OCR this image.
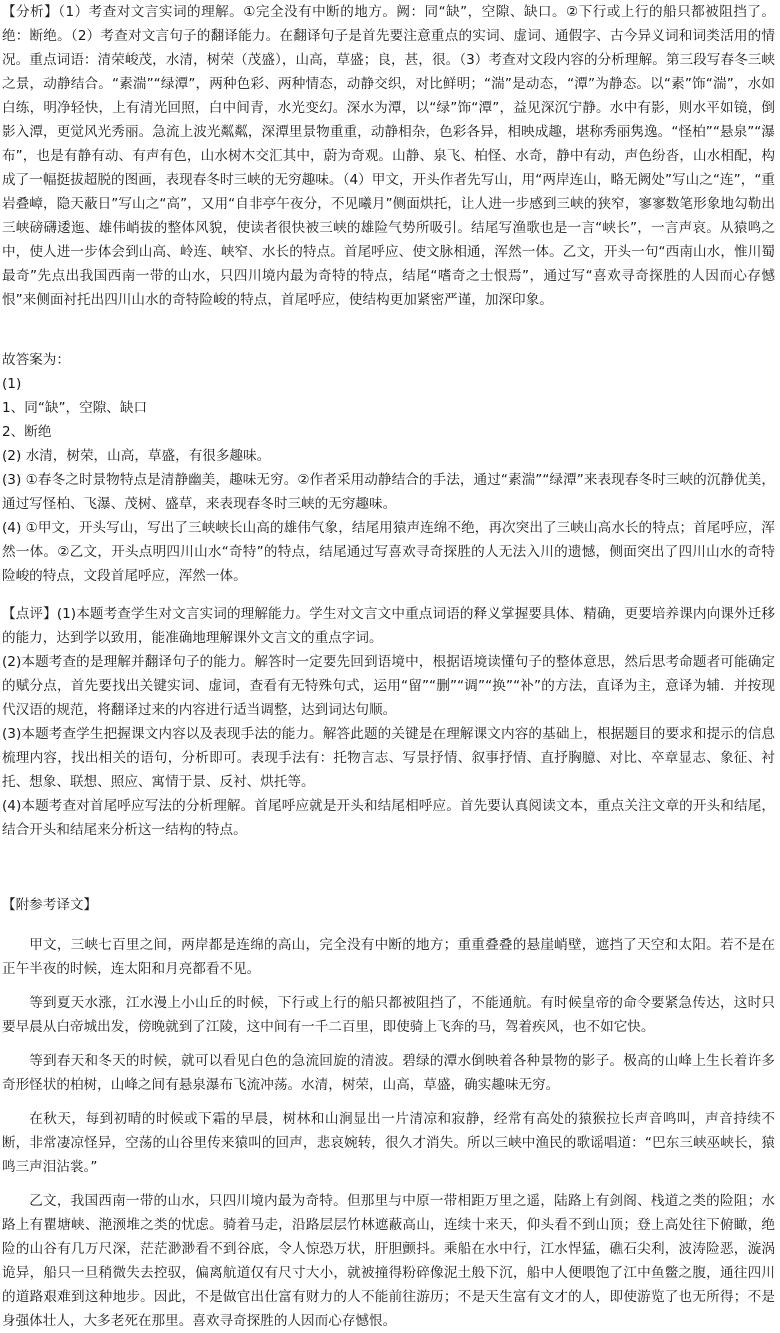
【分析】（1）考查对文言实词的理解。①完全没有中断的地方。阙：同“缺”，空隙、缺口。②下行或上行的船只都被阻挡了。绝：断绝。（2）考查对文言句子的翻译能力。在翻译句子是首先要注意重点的实词、虚词、通假字、古今异义词和词类活用的情况。重点词语：清荣峻茂，水清，树荣（茂盛），山高，草盛；良，甚，很。（3）考查对文段内容的分析理解。第三段写春冬三峡之景，动静结合。“素湍”“绿潭”，两种色彩、两种情态，动静交织，对比鲜明；“湍”是动态，“潭”为静态。以“素”饰“湍”，水如白练，明净轻快，上有清光回照，白中间青，水光变幻。深水为潭，以“绿”饰“潭”，益见深沉宁静。水中有影，则水平如镜，倒影入潭，更觉风光秀丽。急流上波光粼粼，深潭里景物重重，动静相杂，色彩各异，相映成趣，堪称秀丽隽逸。“怪柏”“悬泉”“瀑布”，也是有静有动、有声有色，山水树木交汇其中，蔚为奇观。山静、泉飞、柏怪、水奇，静中有动，声色纷沓，山水相配，构成了一幅挺拔超脱的图画，表现春冬时三峡的无穷趣味。（4）甲文，开头作者先写山，用“两岸连山，略无阙处”写山之“连”，“重岩叠嶂，隐天蔽日”写山之“高”，又用“自非亭午夜分，不见曦月”侧面烘托，让人进一步感到三峡的狭窄，寥寥数笔形象地勾勒出三峡磅礴逶迤、雄伟峭拔的整体风貌，使读者很快被三峡的雄险气势所吸引。结尾写渔歌也是一言“峡长”，一言声哀。从猿鸣之中，使人进一步体会到山高、岭连、峡窄、水长的特点。首尾呼应、使文脉相通，浑然一体。乙文，开头一句“西南山水，惟川蜀最奇”先点出我国西南一带的山水，只四川境内最为奇特的特点，结尾“嗜奇之士恨焉”，通过写“喜欢寻奇探胜的人因而心存憾恨”来侧面衬托出四川山水的奇特险峻的特点，首尾呼应，使结构更加紧密严谨，加深印象。

故答案为：
(1)
1、同“缺”，空隙、缺口
2、断绝
(2) 水清，树荣，山高，草盛，有很多趣味。
(3) ①春冬之时景物特点是清静幽美，趣味无穷。②作者采用动静结合的手法，通过“素湍”“绿潭”来表现春冬时三峡的沉静优美，通过写怪柏、飞瀑、茂树、盛草，来表现春冬时三峡的无穷趣味。
(4) ①甲文，开头写山，写出了三峡峡长山高的雄伟气象，结尾用猿声连绵不绝，再次突出了三峡山高水长的特点；首尾呼应，浑然一体。②乙文，开头点明四川山水“奇特”的特点，结尾通过写喜欢寻奇探胜的人无法入川的遗憾，侧面突出了四川山水的奇特险峻的特点，文段首尾呼应，浑然一体。
【点评】(1)本题考查学生对文言实词的理解能力。学生对文言文中重点词语的释义掌握要具体、精确，更要培养课内向课外迁移的能力，达到学以致用，能准确地理解课外文言文的重点字词。
(2)本题考查的是理解并翻译句子的能力。解答时一定要先回到语境中，根据语境读懂句子的整体意思，然后思考命题者可能确定的赋分点，首先要找出关键实词、虚词，查看有无特殊句式，运用“留”“删”“调”“换”“补”的方法，直译为主，意译为辅．并按现代汉语的规范，将翻译过来的内容进行适当调整，达到词达句顺。
(3)本题考查学生把握课文内容以及表现手法的能力。解答此题的关键是在理解课文内容的基础上，根据题目的要求和提示的信息梳理内容，找出相关的语句，分析即可。表现手法有：托物言志、写景抒情、叙事抒情、直抒胸臆、对比、卒章显志、象征、衬托、想象、联想、照应、寓情于景、反衬、烘托等。
(4)本题考查对首尾呼应写法的分析理解。首尾呼应就是开头和结尾相呼应。首先要认真阅读文本，重点关注文章的开头和结尾，结合开头和结尾来分析这一结构的特点。
【附参考译文】
甲文，三峡七百里之间，两岸都是连绵的高山，完全没有中断的地方；重重叠叠的悬崖峭壁，遮挡了天空和太阳。若不是在正午半夜的时候，连太阳和月亮都看不见。
等到夏天水涨，江水漫上小山丘的时候，下行或上行的船只都被阻挡了，不能通航。有时候皇帝的命令要紧急传达，这时只要早晨从白帝城出发，傍晚就到了江陵，这中间有一千二百里，即使骑上飞奔的马，驾着疾风，也不如它快。
等到春天和冬天的时候，就可以看见白色的急流回旋的清波。碧绿的潭水倒映着各种景物的影子。极高的山峰上生长着许多奇形怪状的柏树，山峰之间有悬泉瀑布飞流冲荡。水清，树荣，山高，草盛，确实趣味无穷。
在秋天，每到初晴的时候或下霜的早晨，树林和山涧显出一片清凉和寂静，经常有高处的猿猴拉长声音鸣叫，声音持续不断，非常凄凉怪异，空荡的山谷里传来猿叫的回声，悲哀婉转，很久才消失。所以三峡中渔民的歌谣唱道：“巴东三峡巫峡长，猿鸣三声泪沾裳。”
乙文，我国西南一带的山水，只四川境内最为奇特。但那里与中原一带相距万里之遥，陆路上有剑阁、栈道之类的险阻；水路上有瞿塘峡、滟滪堆之类的忧虑。骑着马走，沿路层层竹林遮蔽高山，连续十来天，仰头看不到山顶；登上高处往下俯瞰，绝险的山谷有几万尺深，茫茫渺渺看不到谷底，令人惊恐万状，肝胆颤抖。乘船在水中行，江水悍猛，礁石尖利，波涛险恶，漩涡诡异，船只一旦稍微失去控驭，偏离航道仅有尺寸大小，就被撞得粉碎像泥土般下沉，船中人便喂饱了江中鱼鳖之腹，通往四川的道路艰难到这种地步。因此，不是做官出仕富有财力的人不能前往游历；不是天生富有文才的人，即使游览了也无所得；不是身强体壮人，大多老死在那里。喜欢寻奇探胜的人因而心存憾恨。
